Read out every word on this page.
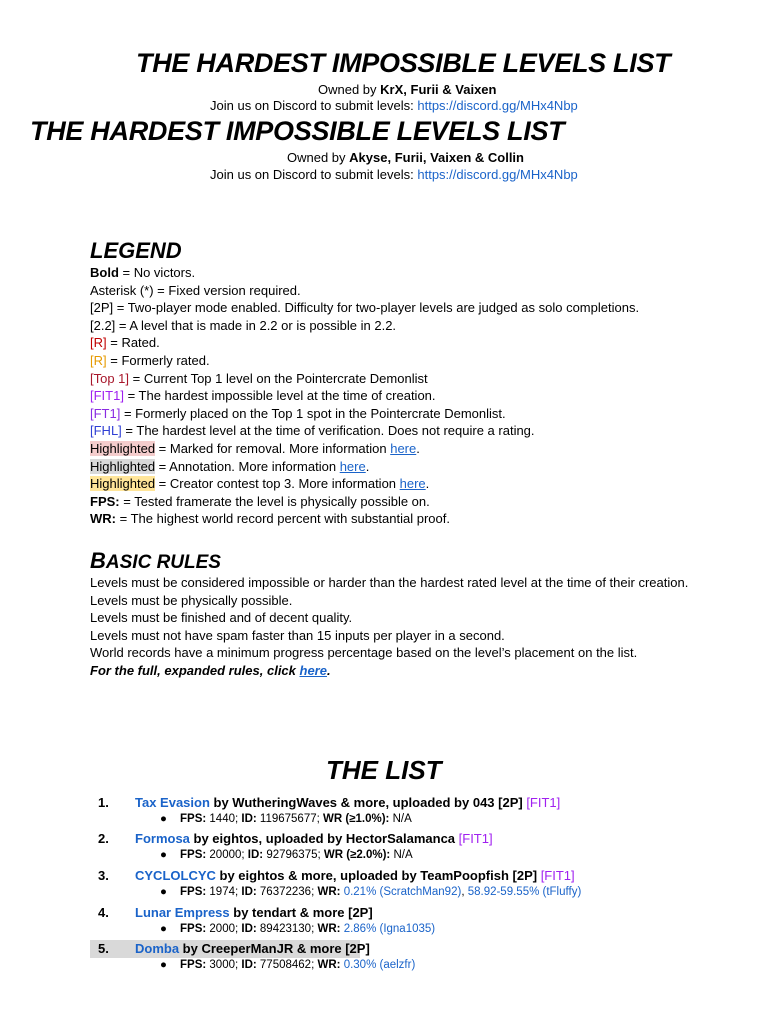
THE HARDEST IMPOSSIBLE LEVELS LIST
Owned by KrX, Furii & Vaixen
Join us on Discord to submit levels: https://discord.gg/MHx4Nbp
THE HARDEST IMPOSSIBLE LEVELS LIST
Owned by Akyse, Furii, Vaixen & Collin
Join us on Discord to submit levels: https://discord.gg/MHx4Nbp
LEGEND
Bold = No victors.
Asterisk (*) = Fixed version required.
[2P] = Two-player mode enabled. Difficulty for two-player levels are judged as solo completions.
[2.2] = A level that is made in 2.2 or is possible in 2.2.
[R] = Rated.
[R] = Formerly rated.
[Top 1] = Current Top 1 level on the Pointercrate Demonlist
[FIT1] = The hardest impossible level at the time of creation.
[FT1] = Formerly placed on the Top 1 spot in the Pointercrate Demonlist.
[FHL] = The hardest level at the time of verification. Does not require a rating.
Highlighted = Marked for removal. More information here.
Highlighted = Annotation. More information here.
Highlighted = Creator contest top 3. More information here.
FPS: = Tested framerate the level is physically possible on.
WR: = The highest world record percent with substantial proof.
BASIC RULES
Levels must be considered impossible or harder than the hardest rated level at the time of their creation.
Levels must be physically possible.
Levels must be finished and of decent quality.
Levels must not have spam faster than 15 inputs per player in a second.
World records have a minimum progress percentage based on the level’s placement on the list.
For the full, expanded rules, click here.
THE LIST
1. Tax Evasion by WutheringWaves & more, uploaded by 043 [2P] [FIT1]
● FPS: 1440; ID: 119675677; WR (≥1.0%): N/A
2. Formosa by eightos, uploaded by HectorSalamanca [FIT1]
● FPS: 20000; ID: 92796375; WR (≥2.0%): N/A
3. CYCLOLCYC by eightos & more, uploaded by TeamPoopfish [2P] [FIT1]
● FPS: 1974; ID: 76372236; WR: 0.21% (ScratchMan92), 58.92-59.55% (tFluffy)
4. Lunar Empress by tendart & more [2P]
● FPS: 2000; ID: 89423130; WR: 2.86% (Igna1035)
5. Domba by CreeperManJR & more [2P]
● FPS: 3000; ID: 77508462; WR: 0.30% (aelzfr)
